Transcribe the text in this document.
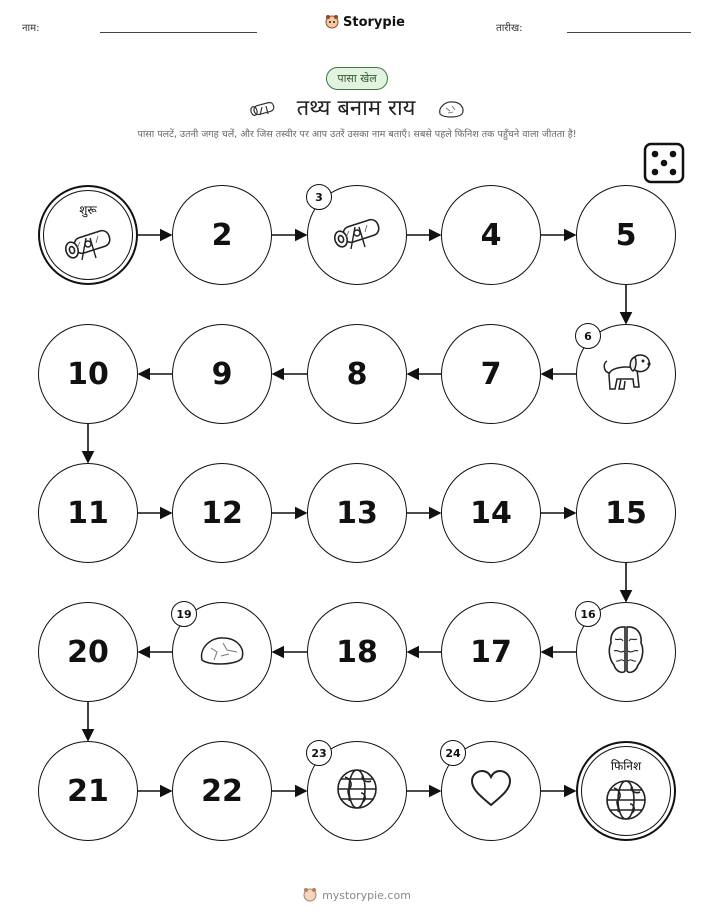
नाम:	Storypie	तारीख:
पासा खेल
तथ्य बनाम राय
पासा पलटें, उतनी जगह चलें, और जिस तस्वीर पर आप उतरें उसका नाम बताएँ। सबसे पहले फिनिश तक पहुँचने वाला जीतता है!
शुरू
2
3
4	5
10	9	8	7
6
11	12	13	14	15
20
19
18	17
16
21	22
23	24
फिनिश
mystorypie.com
